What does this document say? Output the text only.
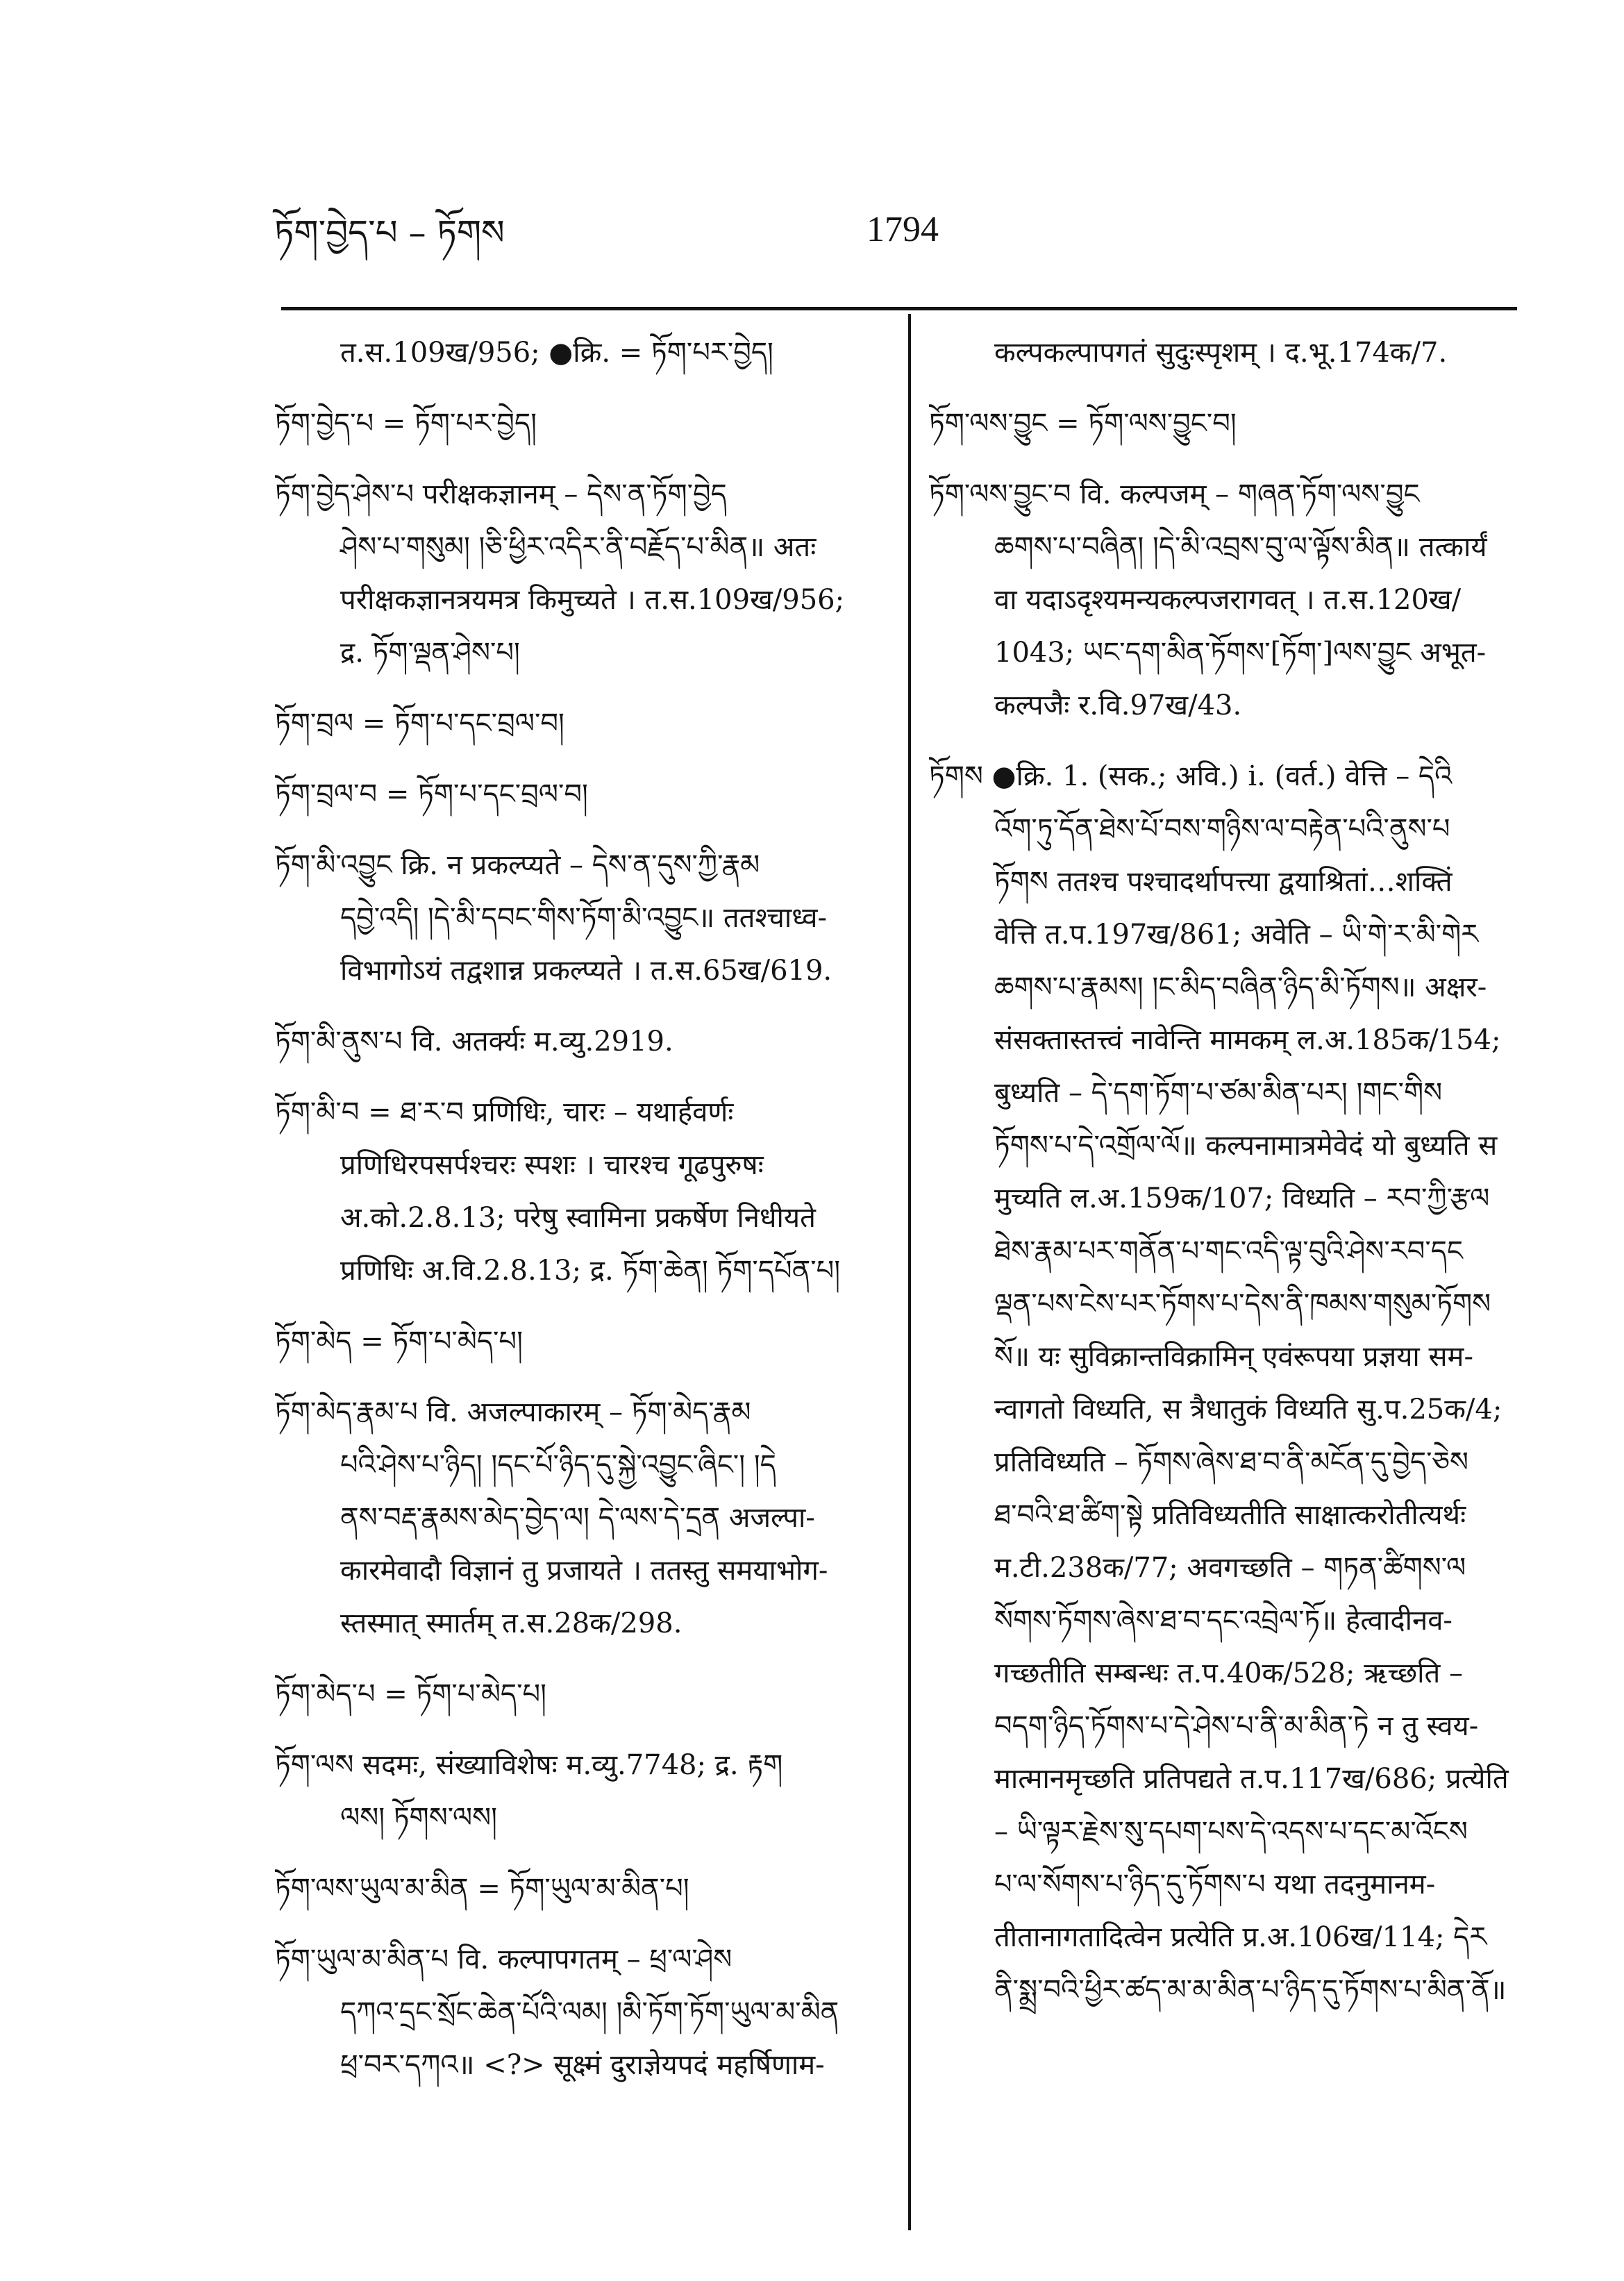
ཏོག་བྱེད་པ – ཏོགས	1794
त.स.109ख/956; ●क्रि. = ཏོག་པར་བྱེད།
ཏོག་བྱེད་པ = ཏོག་པར་བྱེད།
ཏོག་བྱེད་ཤེས་པ परीक्षकज्ञानम् – དེས་ན་ཏོག་བྱེད
ཤེས་པ་གསུམ། །ཅི་ཕྱིར་འདིར་ནི་བརྗོད་པ་མིན॥ अतः
परीक्षकज्ञानत्रयमत्र किमुच्यते । त.स.109ख/956;
द्र. ཏོག་ལྡན་ཤེས་པ།
ཏོག་བྲལ = ཏོག་པ་དང་བྲལ་བ།
ཏོག་བྲལ་བ = ཏོག་པ་དང་བྲལ་བ།
ཏོག་མི་འབྱུང क्रि. न प्रकल्प्यते – དེས་ན་དུས་ཀྱི་རྣམ
དབྱེ་འདི། །དེ་མི་དབང་གིས་ཏོག་མི་འབྱུང॥ ततश्चाध्व-
विभागोऽयं तद्वशान्न प्रकल्प्यते । त.स.65ख/619.
ཏོག་མི་ནུས་པ वि. अतर्क्यः म.व्यु.2919.
ཏོག་མི་བ = ཐ་ར་བ प्रणिधिः, चारः – यथार्हवर्णः
प्रणिधिरपसर्पश्चरः स्पशः । चारश्च गूढपुरुषः
अ.को.2.8.13; परेषु स्वामिना प्रकर्षेण निधीयते
प्रणिधिः अ.वि.2.8.13; द्र. ཏོག་ཆེན། ཏོག་དཔོན་པ།
ཏོག་མེད = ཏོག་པ་མེད་པ།
ཏོག་མེད་རྣམ་པ वि. अजल्पाकारम् – ཏོག་མེད་རྣམ
པའི་ཤེས་པ་ཉིད། །དང་པོ་ཉིད་དུ་སྐྱེ་འབྱུང་ཞིང་། །དེ
ནས་བརྡ་རྣམས་མེད་བྱེད་ལ། དེ་ལས་དེ་དྲན अजल्पा-
कारमेवादौ विज्ञानं तु प्रजायते । ततस्तु समयाभोग-
स्तस्मात् स्मार्तम् त.स.28क/298.
ཏོག་མེད་པ = ཏོག་པ་མེད་པ།
ཏོག་ལས सदमः, संख्याविशेषः म.व्यु.7748; द्र. རྟག
ལས། ཏོགས་ལས།
ཏོག་ལས་ཡུལ་མ་མིན = ཏོག་ཡུལ་མ་མིན་པ།
ཏོག་ཡུལ་མ་མིན་པ वि. कल्पापगतम् – ཕྲ་ལ་ཤེས
དཀའ་དྲང་སྲོང་ཆེན་པོའི་ལམ། །མི་ཏོག་ཏོག་ཡུལ་མ་མིན
ཕྲ་བར་དཀའ॥ <?> सूक्ष्मं दुराज्ञेयपदं महर्षिणाम-
कल्पकल्पापगतं सुदुःस्पृशम् । द.भू.174क/7.
ཏོག་ལས་བྱུང = ཏོག་ལས་བྱུང་བ།
ཏོག་ལས་བྱུང་བ वि. कल्पजम् – གཞན་ཏོག་ལས་བྱུང
ཆགས་པ་བཞིན། །དེ་མི་འབྲས་བུ་ལ་ལྟོས་མིན॥ तत्कार्यं
वा यदाऽदृश्यमन्यकल्पजरागवत् । त.स.120ख/
1043; ཡང་དག་མིན་ཏོགས་[ཏོག་]ལས་བྱུང अभूत-
कल्पजैः र.वि.97ख/43.
ཏོགས ●क्रि. 1. (सक.; अवि.) i. (वर्त.) वेत्ति – དེའི
འོག་ཏུ་དོན་ཐེས་པོ་བས་གཉིས་ལ་བརྟེན་པའི་ནུས་པ
ཏོགས ततश्च पश्चादर्थापत्त्या द्वयाश्रितां…शक्तिं
वेत्ति त.प.197ख/861; अवेति – ཡི་གེ་ར་མི་གེར
ཆགས་པ་རྣམས། །ང་མིད་བཞིན་ཉིད་མི་ཏོགས॥ अक्षर-
संसक्तास्तत्त्वं नावेन्ति मामकम् ल.अ.185क/154;
बुध्यति – དེ་དག་ཏོག་པ་ཙམ་མིན་པར། །གང་གིས
ཏོགས་པ་དེ་འགྲོལ་ལོ॥ कल्पनामात्रमेवेदं यो बुध्यति स
मुच्यति ल.अ.159क/107; विध्यति – རབ་ཀྱི་རྩལ
ཐེས་རྣམ་པར་གནོན་པ་གང་འདི་ལྟ་བུའི་ཤེས་རབ་དང
ལྡན་པས་ངེས་པར་ཏོགས་པ་དེས་ནི་ཁམས་གསུམ་ཏོགས
སོ॥ यः सुविक्रान्तविक्रामिन् एवंरूपया प्रज्ञया सम-
न्वागतो विध्यति, स त्रैधातुकं विध्यति सु.प.25क/4;
प्रतिविध्यति – ཏོགས་ཞེས་ཐ་བ་ནི་མངོན་དུ་བྱེད་ཅེས
ཐ་བའི་ཐ་ཚིག་སྟེ प्रतिविध्यतीति साक्षात्करोतीत्यर्थः
म.टी.238क/77; अवगच्छति – གཏན་ཚིགས་ལ
སོགས་ཏོགས་ཞེས་ཐ་བ་དང་འབྲེལ་ཏོ॥ हेत्वादीनव-
गच्छतीति सम्बन्धः त.प.40क/528; ऋच्छति –
བདག་ཉིད་ཏོགས་པ་དེ་ཤེས་པ་ནི་མ་མིན་ཏེ न तु स्वय-
मात्मानमृच्छति प्रतिपद्यते त.प.117ख/686; प्रत्येति
– ཡི་ལྟར་རྗེས་སུ་དཔག་པས་དེ་འདས་པ་དང་མ་འོངས
པ་ལ་སོགས་པ་ཉིད་དུ་ཏོགས་པ यथा तदनुमानम-
तीतानागतादित्वेन प्रत्येति प्र.अ.106ख/114; དེར
ནི་སྨྲ་བའི་ཕྱིར་ཚད་མ་མ་མིན་པ་ཉིད་དུ་ཏོགས་པ་མིན་ནོ॥
